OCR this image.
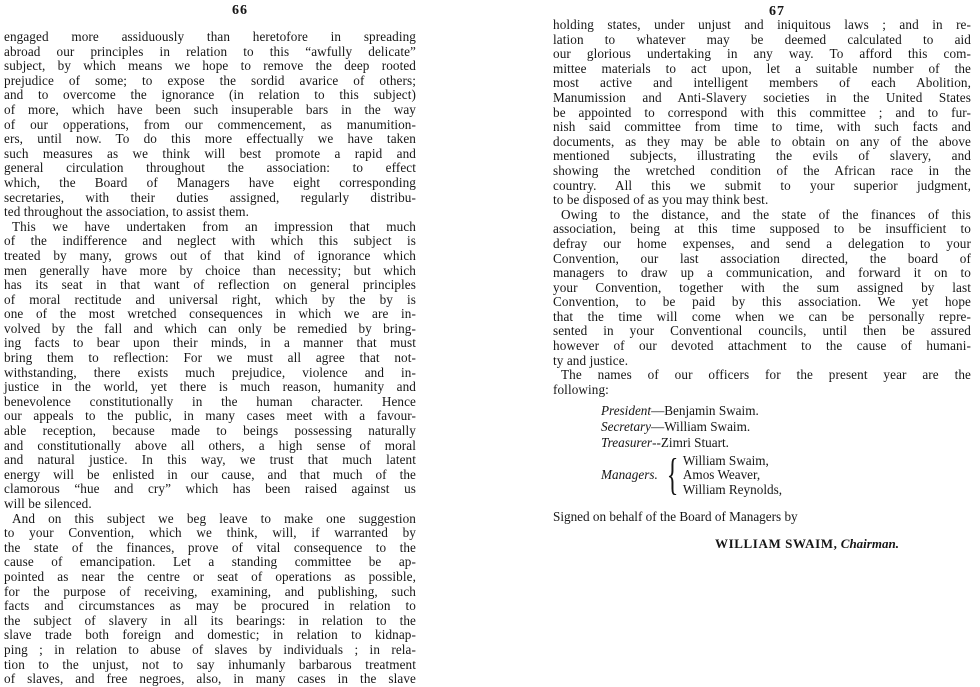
66
engaged more assiduously than heretofore in spreading
abroad our principles in relation to this “awfully delicate”
subject, by which means we hope to remove the deep rooted
prejudice of some; to expose the sordid avarice of others;
and to overcome the ignorance (in relation to this subject)
of more, which have been such insuperable bars in the way
of our opperations, from our commencement, as manumition-
ers, until now. To do this more effectually we have taken
such measures as we think will best promote a rapid and
general circulation throughout the association: to effect
which, the Board of Managers have eight corresponding
secretaries, with their duties assigned, regularly distribu-
ted throughout the association, to assist them.
This we have undertaken from an impression that much
of the indifference and neglect with which this subject is
treated by many, grows out of that kind of ignorance which
men generally have more by choice than necessity; but which
has its seat in that want of reflection on general principles
of moral rectitude and universal right, which by the by is
one of the most wretched consequences in which we are in-
volved by the fall and which can only be remedied by bring-
ing facts to bear upon their minds, in a manner that must
bring them to reflection: For we must all agree that not-
withstanding, there exists much prejudice, violence and in-
justice in the world, yet there is much reason, humanity and
benevolence constitutionally in the human character. Hence
our appeals to the public, in many cases meet with a favour-
able reception, because made to beings possessing naturally
and constitutionally above all others, a high sense of moral
and natural justice. In this way, we trust that much latent
energy will be enlisted in our cause, and that much of the
clamorous “hue and cry” which has been raised against us
will be silenced.
And on this subject we beg leave to make one suggestion
to your Convention, which we think, will, if warranted by
the state of the finances, prove of vital consequence to the
cause of emancipation. Let a standing committee be ap-
pointed as near the centre or seat of operations as possible,
for the purpose of receiving, examining, and publishing, such
facts and circumstances as may be procured in relation to
the subject of slavery in all its bearings: in relation to the
slave trade both foreign and domestic; in relation to kidnap-
ping ; in relation to abuse of slaves by individuals ; in rela-
tion to the unjust, not to say inhumanly barbarous treatment
of slaves, and free negroes, also, in many cases in the slave
67
holding states, under unjust and iniquitous laws ; and in re-
lation to whatever may be deemed calculated to aid
our glorious undertaking in any way. To afford this com-
mittee materials to act upon, let a suitable number of the
most active and intelligent members of each Abolition,
Manumission and Anti-Slavery societies in the United States
be appointed to correspond with this committee ; and to fur-
nish said committee from time to time, with such facts and
documents, as they may be able to obtain on any of the above
mentioned subjects, illustrating the evils of slavery, and
showing the wretched condition of the African race in the
country. All this we submit to your superior judgment,
to be disposed of as you may think best.
Owing to the distance, and the state of the finances of this
association, being at this time supposed to be insufficient to
defray our home expenses, and send a delegation to your
Convention, our last association directed, the board of
managers to draw up a communication, and forward it on to
your Convention, together with the sum assigned by last
Convention, to be paid by this association. We yet hope
that the time will come when we can be personally repre-
sented in your Conventional councils, until then be assured
however of our devoted attachment to the cause of humani-
ty and justice.
The names of our officers for the present year are the
following:
President—Benjamin Swaim.
Secretary—William Swaim.
Treasurer--Zimri Stuart.
Managers. { William Swaim,
Amos Weaver,
William Reynolds,
Signed on behalf of the Board of Managers by
WILLIAM SWAIM, Chairman.
